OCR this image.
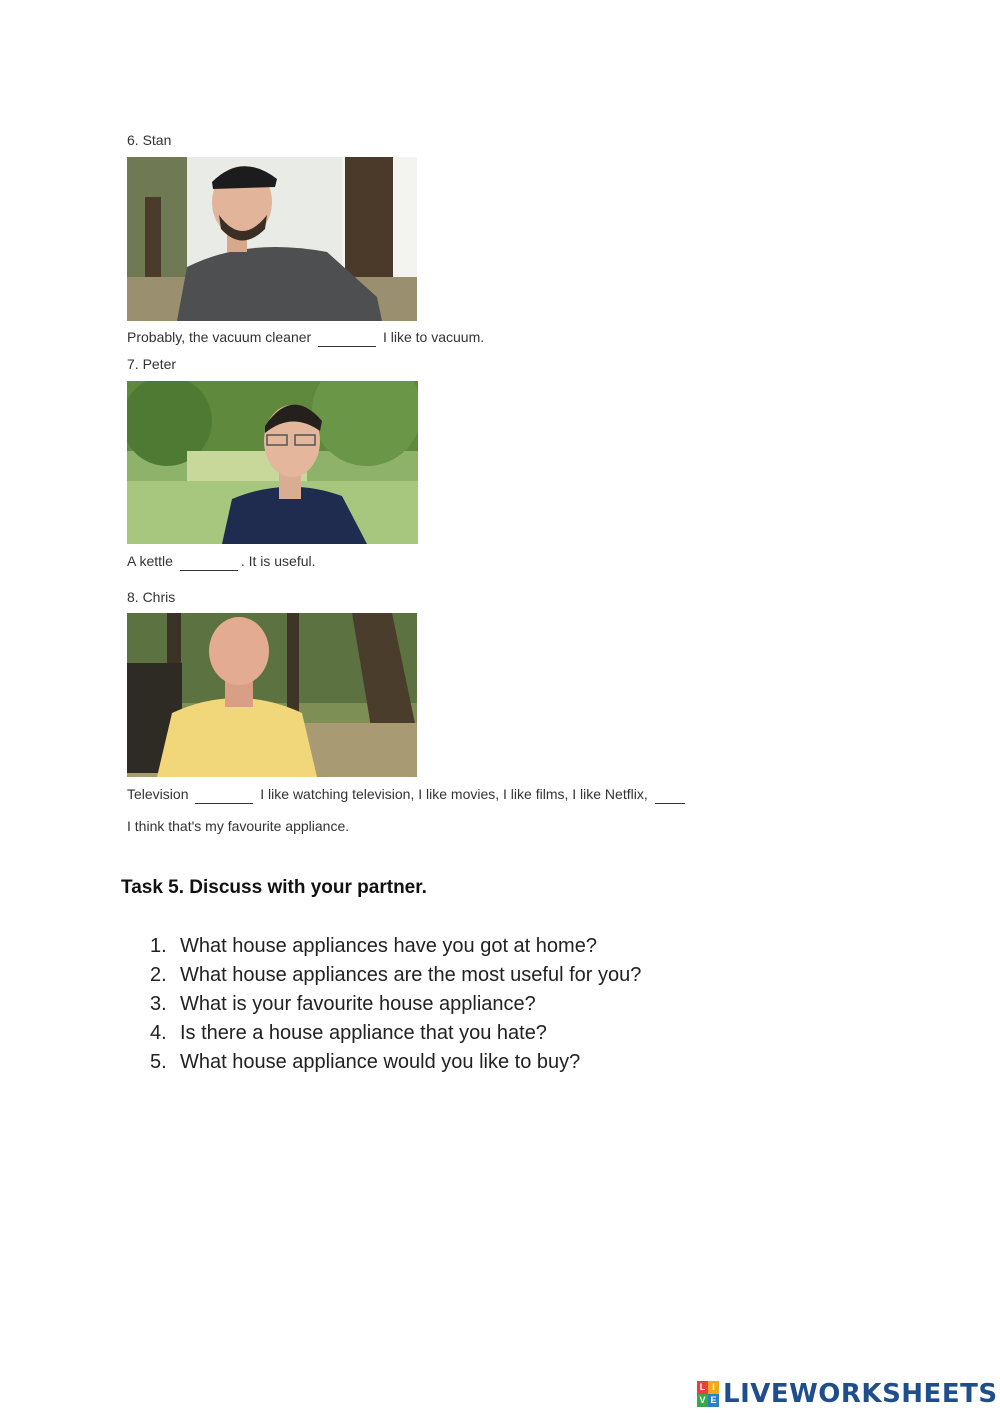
6. Stan
Probably, the vacuum cleaner	I like to vacuum.
7. Peter
A kettle	. It is useful.
8. Chris
Television	I like watching television, I like movies, I like films, I like Netflix,
I think that's my favourite appliance.
Task 5. Discuss with your partner.
1. What house appliances have you got at home?
2. What house appliances are the most useful for you?
3. What is your favourite house appliance?
4. Is there a house appliance that you hate?
5. What house appliance would you like to buy?
L I
V E LIVEWORKSHEETS
